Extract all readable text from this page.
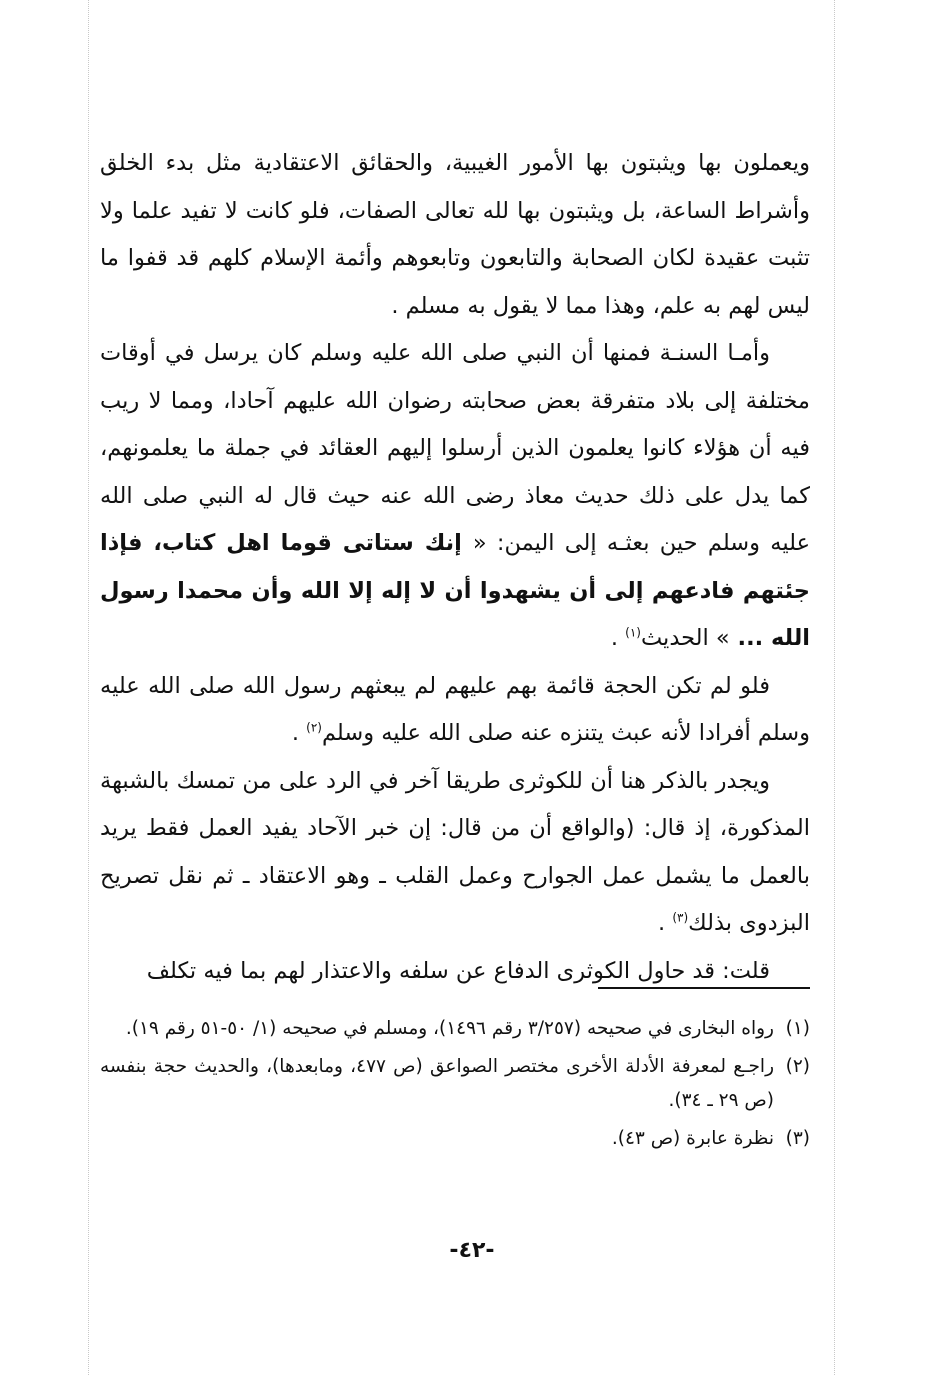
ويعملون بها ويثبتون بها الأمور الغيبية، والحقائق الاعتقادية مثل بدء الخلق وأشراط الساعة، بل ويثبتون بها لله تعالى الصفات، فلو كانت لا تفيد علما ولا تثبت عقيدة لكان الصحابة والتابعون وتابعوهم وأئمة الإسلام كلهم قد قفوا ما ليس لهم به علم، وهذا مما لا يقول به مسلم .

وأمـا السنـة فمنها أن النبي صلى الله عليه وسلم كان يرسل في أوقات مختلفة إلى بلاد متفرقة بعض صحابته رضوان الله عليهم آحادا، ومما لا ريب فيه أن هؤلاء كانوا يعلمون الذين أرسلوا إليهم العقائد في جملة ما يعلمونهم، كما يدل على ذلك حديث معاذ رضى الله عنه حيث قال له النبي صلى الله عليه وسلم حين بعثـه إلى اليمن: « إنك ستاتى قوما اهل كتاب، فإذا جئتهم فادعهم إلى أن يشهدوا أن لا إله إلا الله وأن محمدا رسول الله ... » الحديث$^{(١)}$ .

فلو لم تكن الحجة قائمة بهم عليهم لم يبعثهم رسول الله صلى الله عليه وسلم أفرادا لأنه عبث يتنزه عنه صلى الله عليه وسلم$^{(٢)}$ .

ويجدر بالذكر هنا أن للكوثرى طريقا آخر في الرد على من تمسك بالشبهة المذكورة، إذ قال: (والواقع أن من قال: إن خبر الآحاد يفيد العمل فقط يريد بالعمل ما يشمل عمل الجوارح وعمل القلب ـ وهو الاعتقاد ـ ثم نقل تصريح البزدوى بذلك$^{(٣)}$ .

قلت: قد حاول الكوثرى الدفاع عن سلفه والاعتذار لهم بما فيه تكلف

(١)
رواه البخارى في صحيحه (٣/٢٥٧ رقم ١٤٩٦)، ومسلم في صحيحه (١/ ٥٠-٥١ رقم ١٩).
(٢)
راجـع لمعرفة الأدلة الأخرى مختصر الصواعق (ص ٤٧٧، ومابعدها)، والحديث حجة بنفسه (ص ٢٩ ـ ٣٤).
(٣)
نظرة عابرة (ص ٤٣).
-٤٢-
